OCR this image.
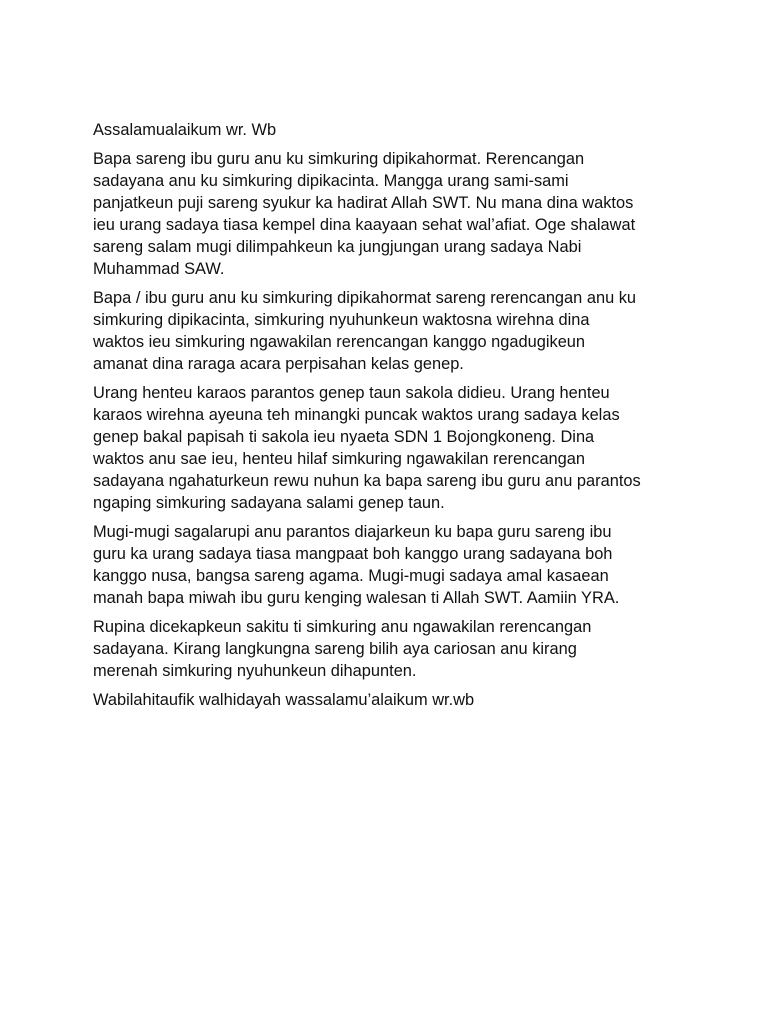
Assalamualaikum wr. Wb

Bapa sareng ibu guru anu ku simkuring dipikahormat. Rerencangan
sadayana anu ku simkuring dipikacinta. Mangga urang sami-sami
panjatkeun puji sareng syukur ka hadirat Allah SWT. Nu mana dina waktos
ieu urang sadaya tiasa kempel dina kaayaan sehat wal’afiat. Oge shalawat
sareng salam mugi dilimpahkeun ka jungjungan urang sadaya Nabi
Muhammad SAW.

Bapa / ibu guru anu ku simkuring dipikahormat sareng rerencangan anu ku
simkuring dipikacinta, simkuring nyuhunkeun waktosna wirehna dina
waktos ieu simkuring ngawakilan rerencangan kanggo ngadugikeun
amanat dina raraga acara perpisahan kelas genep.

Urang henteu karaos parantos genep taun sakola didieu. Urang henteu
karaos wirehna ayeuna teh minangki puncak waktos urang sadaya kelas
genep bakal papisah ti sakola ieu nyaeta SDN 1 Bojongkoneng. Dina
waktos anu sae ieu, henteu hilaf simkuring ngawakilan rerencangan
sadayana ngahaturkeun rewu nuhun ka bapa sareng ibu guru anu parantos
ngaping simkuring sadayana salami genep taun.

Mugi-mugi sagalarupi anu parantos diajarkeun ku bapa guru sareng ibu
guru ka urang sadaya tiasa mangpaat boh kanggo urang sadayana boh
kanggo nusa, bangsa sareng agama. Mugi-mugi sadaya amal kasaean
manah bapa miwah ibu guru kenging walesan ti Allah SWT. Aamiin YRA.

Rupina dicekapkeun sakitu ti simkuring anu ngawakilan rerencangan
sadayana. Kirang langkungna sareng bilih aya cariosan anu kirang
merenah simkuring nyuhunkeun dihapunten.

Wabilahitaufik walhidayah wassalamu’alaikum wr.wb
